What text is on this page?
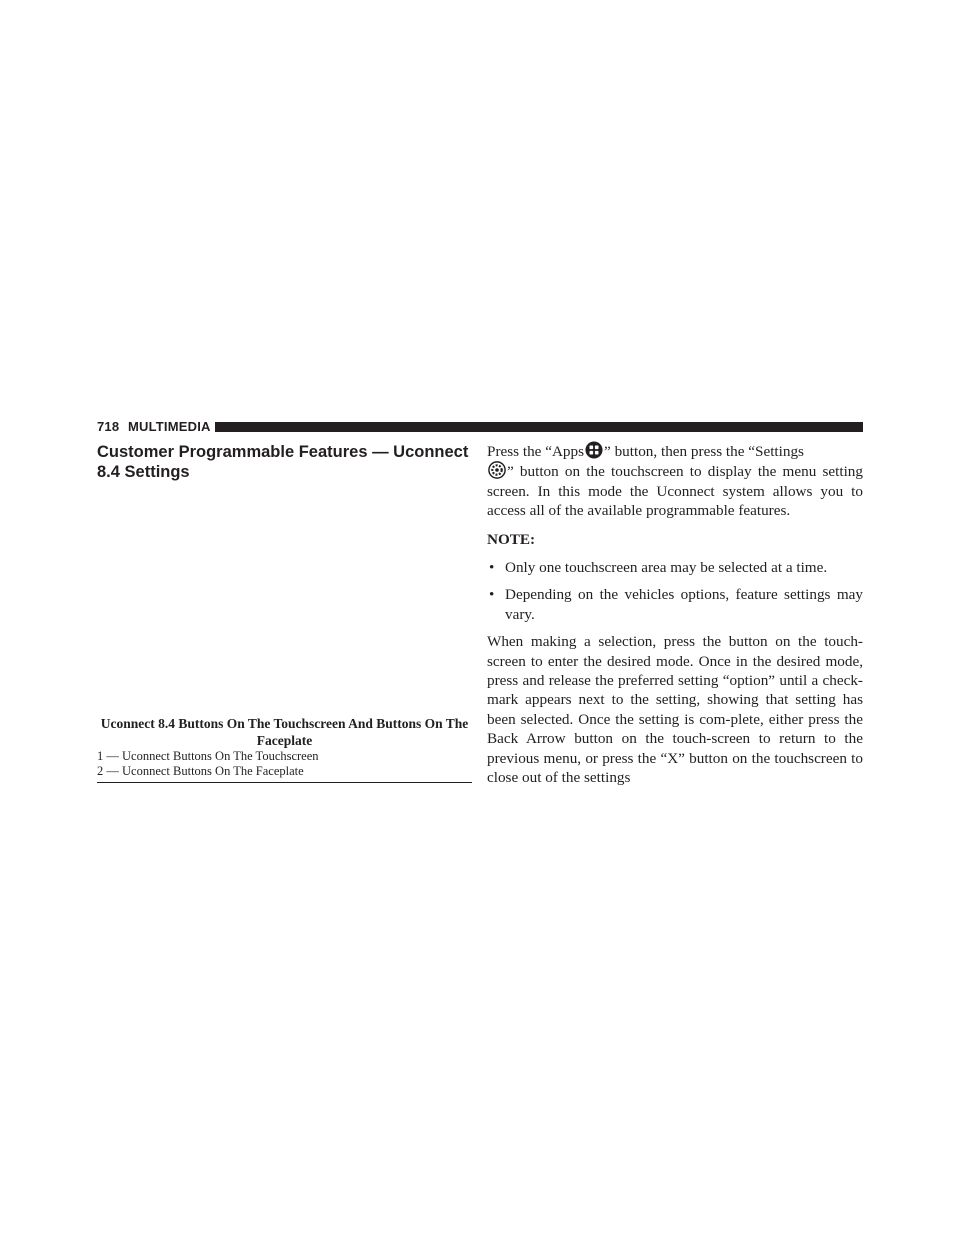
718 MULTIMEDIA
Customer Programmable Features — Uconnect 8.4 Settings
Uconnect 8.4 Buttons On The Touchscreen And Buttons On The Faceplate
1 — Uconnect Buttons On The Touchscreen
2 — Uconnect Buttons On The Faceplate

Press the “Apps ” button, then press the “Settings
” button on the touchscreen to display the menu setting screen. In this mode the Uconnect system allows you to access all of the available programmable features.

NOTE:

• Only one touchscreen area may be selected at a time.
• Depending on the vehicles options, feature settings may vary.

When making a selection, press the button on the touch-screen to enter the desired mode. Once in the desired mode, press and release the preferred setting “option” until a check-mark appears next to the setting, showing that setting has been selected. Once the setting is com-plete, either press the Back Arrow button on the touch-screen to return to the previous menu, or press the “X” button on the touchscreen to close out of the settings
